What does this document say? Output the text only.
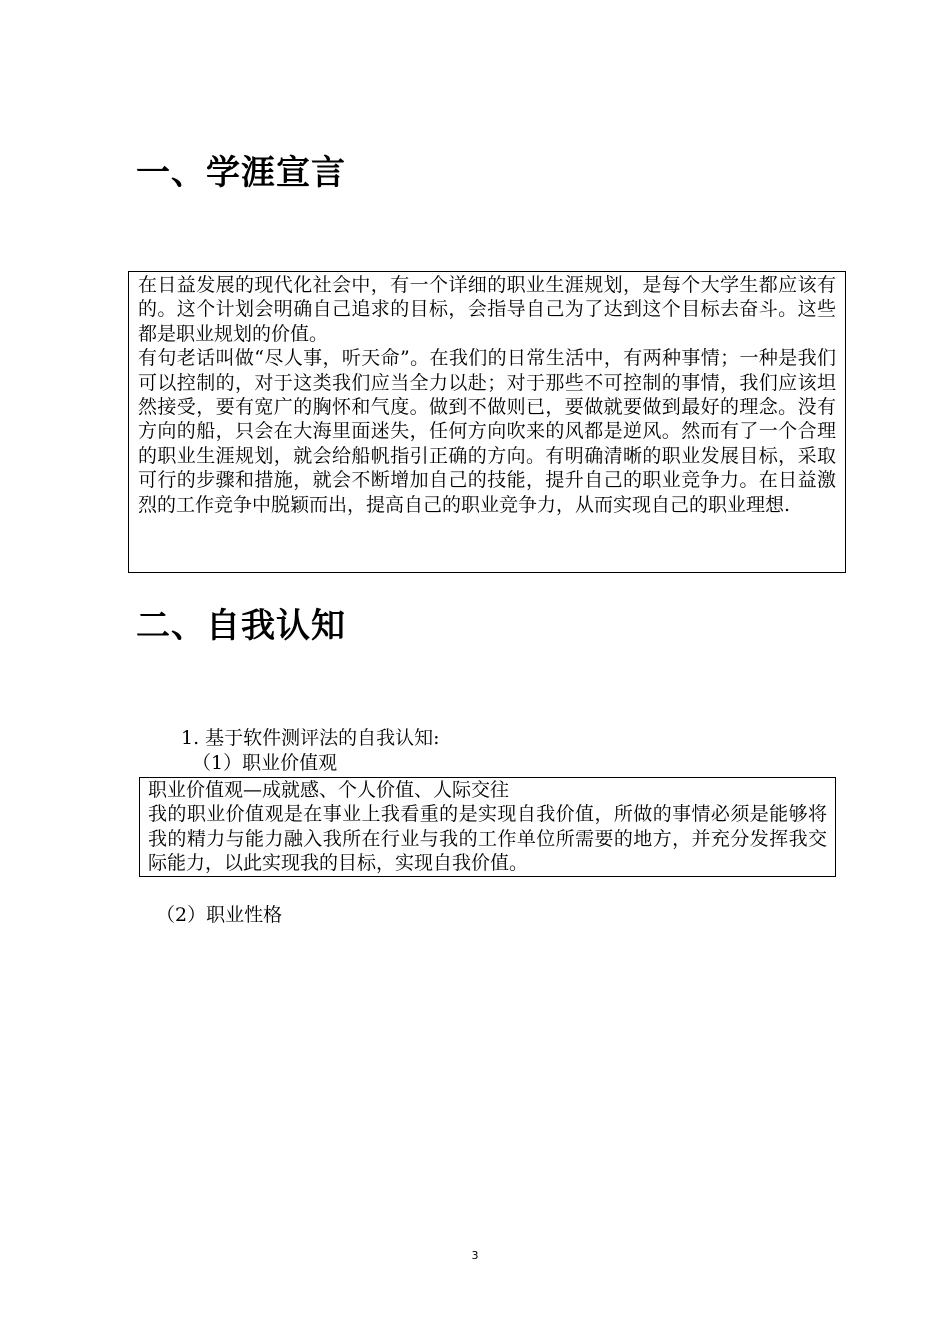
一、学涯宣言

在日益发展的现代化社会中，有一个详细的职业生涯规划，是每个大学生都应该有的。这个计划会明确自己追求的目标，会指导自己为了达到这个目标去奋斗。这些都是职业规划的价值。

有句老话叫做“尽人事，听天命”。在我们的日常生活中，有两种事情；一种是我们可以控制的，对于这类我们应当全力以赴；对于那些不可控制的事情，我们应该坦然接受，要有宽广的胸怀和气度。做到不做则已，要做就要做到最好的理念。没有方向的船，只会在大海里面迷失，任何方向吹来的风都是逆风。然而有了一个合理的职业生涯规划，就会给船帆指引正确的方向。有明确清晰的职业发展目标，采取可行的步骤和措施，就会不断增加自己的技能，提升自己的职业竞争力。在日益激烈的工作竞争中脱颖而出，提高自己的职业竞争力，从而实现自己的职业理想.

二、自我认知
1. 基于软件测评法的自我认知:
（1）职业价值观

职业价值观—成就感、个人价值、人际交往

我的职业价值观是在事业上我看重的是实现自我价值，所做的事情必须是能够将我的精力与能力融入我所在行业与我的工作单位所需要的地方，并充分发挥我交际能力，以此实现我的目标，实现自我价值。

（2）职业性格
3
